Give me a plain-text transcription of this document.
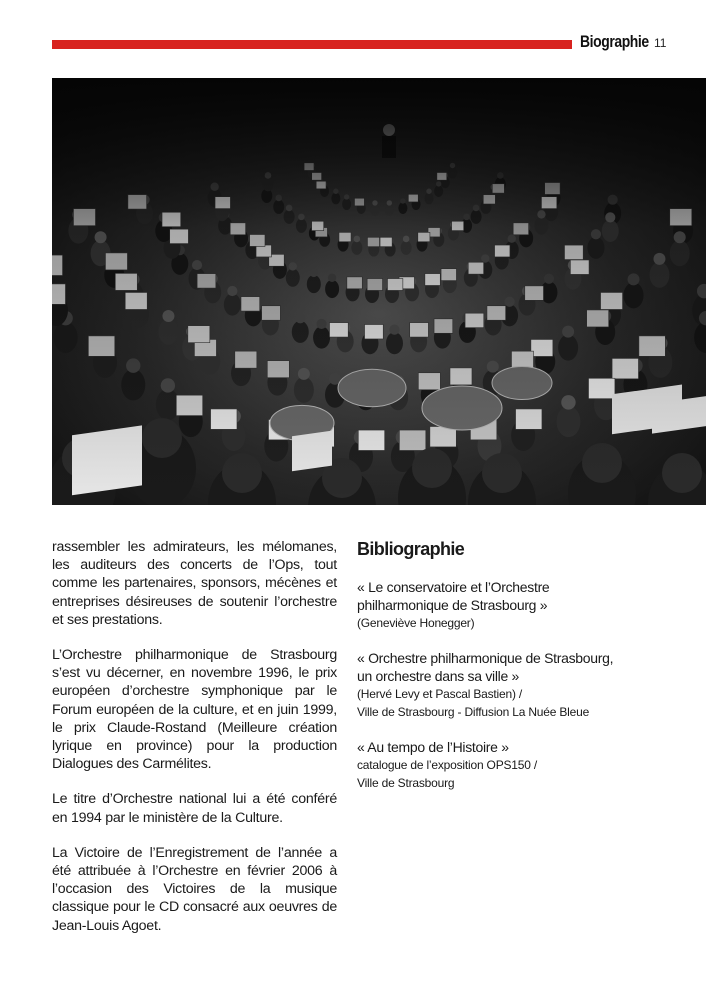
Biographie 11

rassembler les admirateurs, les mélomanes, les auditeurs des concerts de l’Ops, tout comme les partenaires, sponsors, mécènes et entreprises désireuses de soutenir l’orchestre et ses prestations.

L’Orchestre philharmonique de Strasbourg s’est vu décerner, en novembre 1996, le prix européen d’orchestre symphonique par le Forum européen de la culture, et en juin 1999, le prix Claude-Rostand (Meilleure création lyrique en province) pour la production Dialogues des Carmélites.

Le titre d’Orchestre national lui a été conféré en 1994 par le ministère de la Culture.

La Victoire de l’Enregistrement de l’année a été attribuée à l’Orchestre en février 2006 à l’occasion des Victoires de la musique classique pour le CD consacré aux oeuvres de Jean-Louis Agoet.

Bibliographie
« Le conservatoire et l’Orchestre
philharmonique de Strasbourg »
(Geneviève Honegger)
« Orchestre philharmonique de Strasbourg,
un orchestre dans sa ville »
(Hervé Levy et Pascal Bastien) /
Ville de Strasbourg - Diffusion La Nuée Bleue
« Au tempo de l’Histoire »
catalogue de l’exposition OPS150 /
Ville de Strasbourg
